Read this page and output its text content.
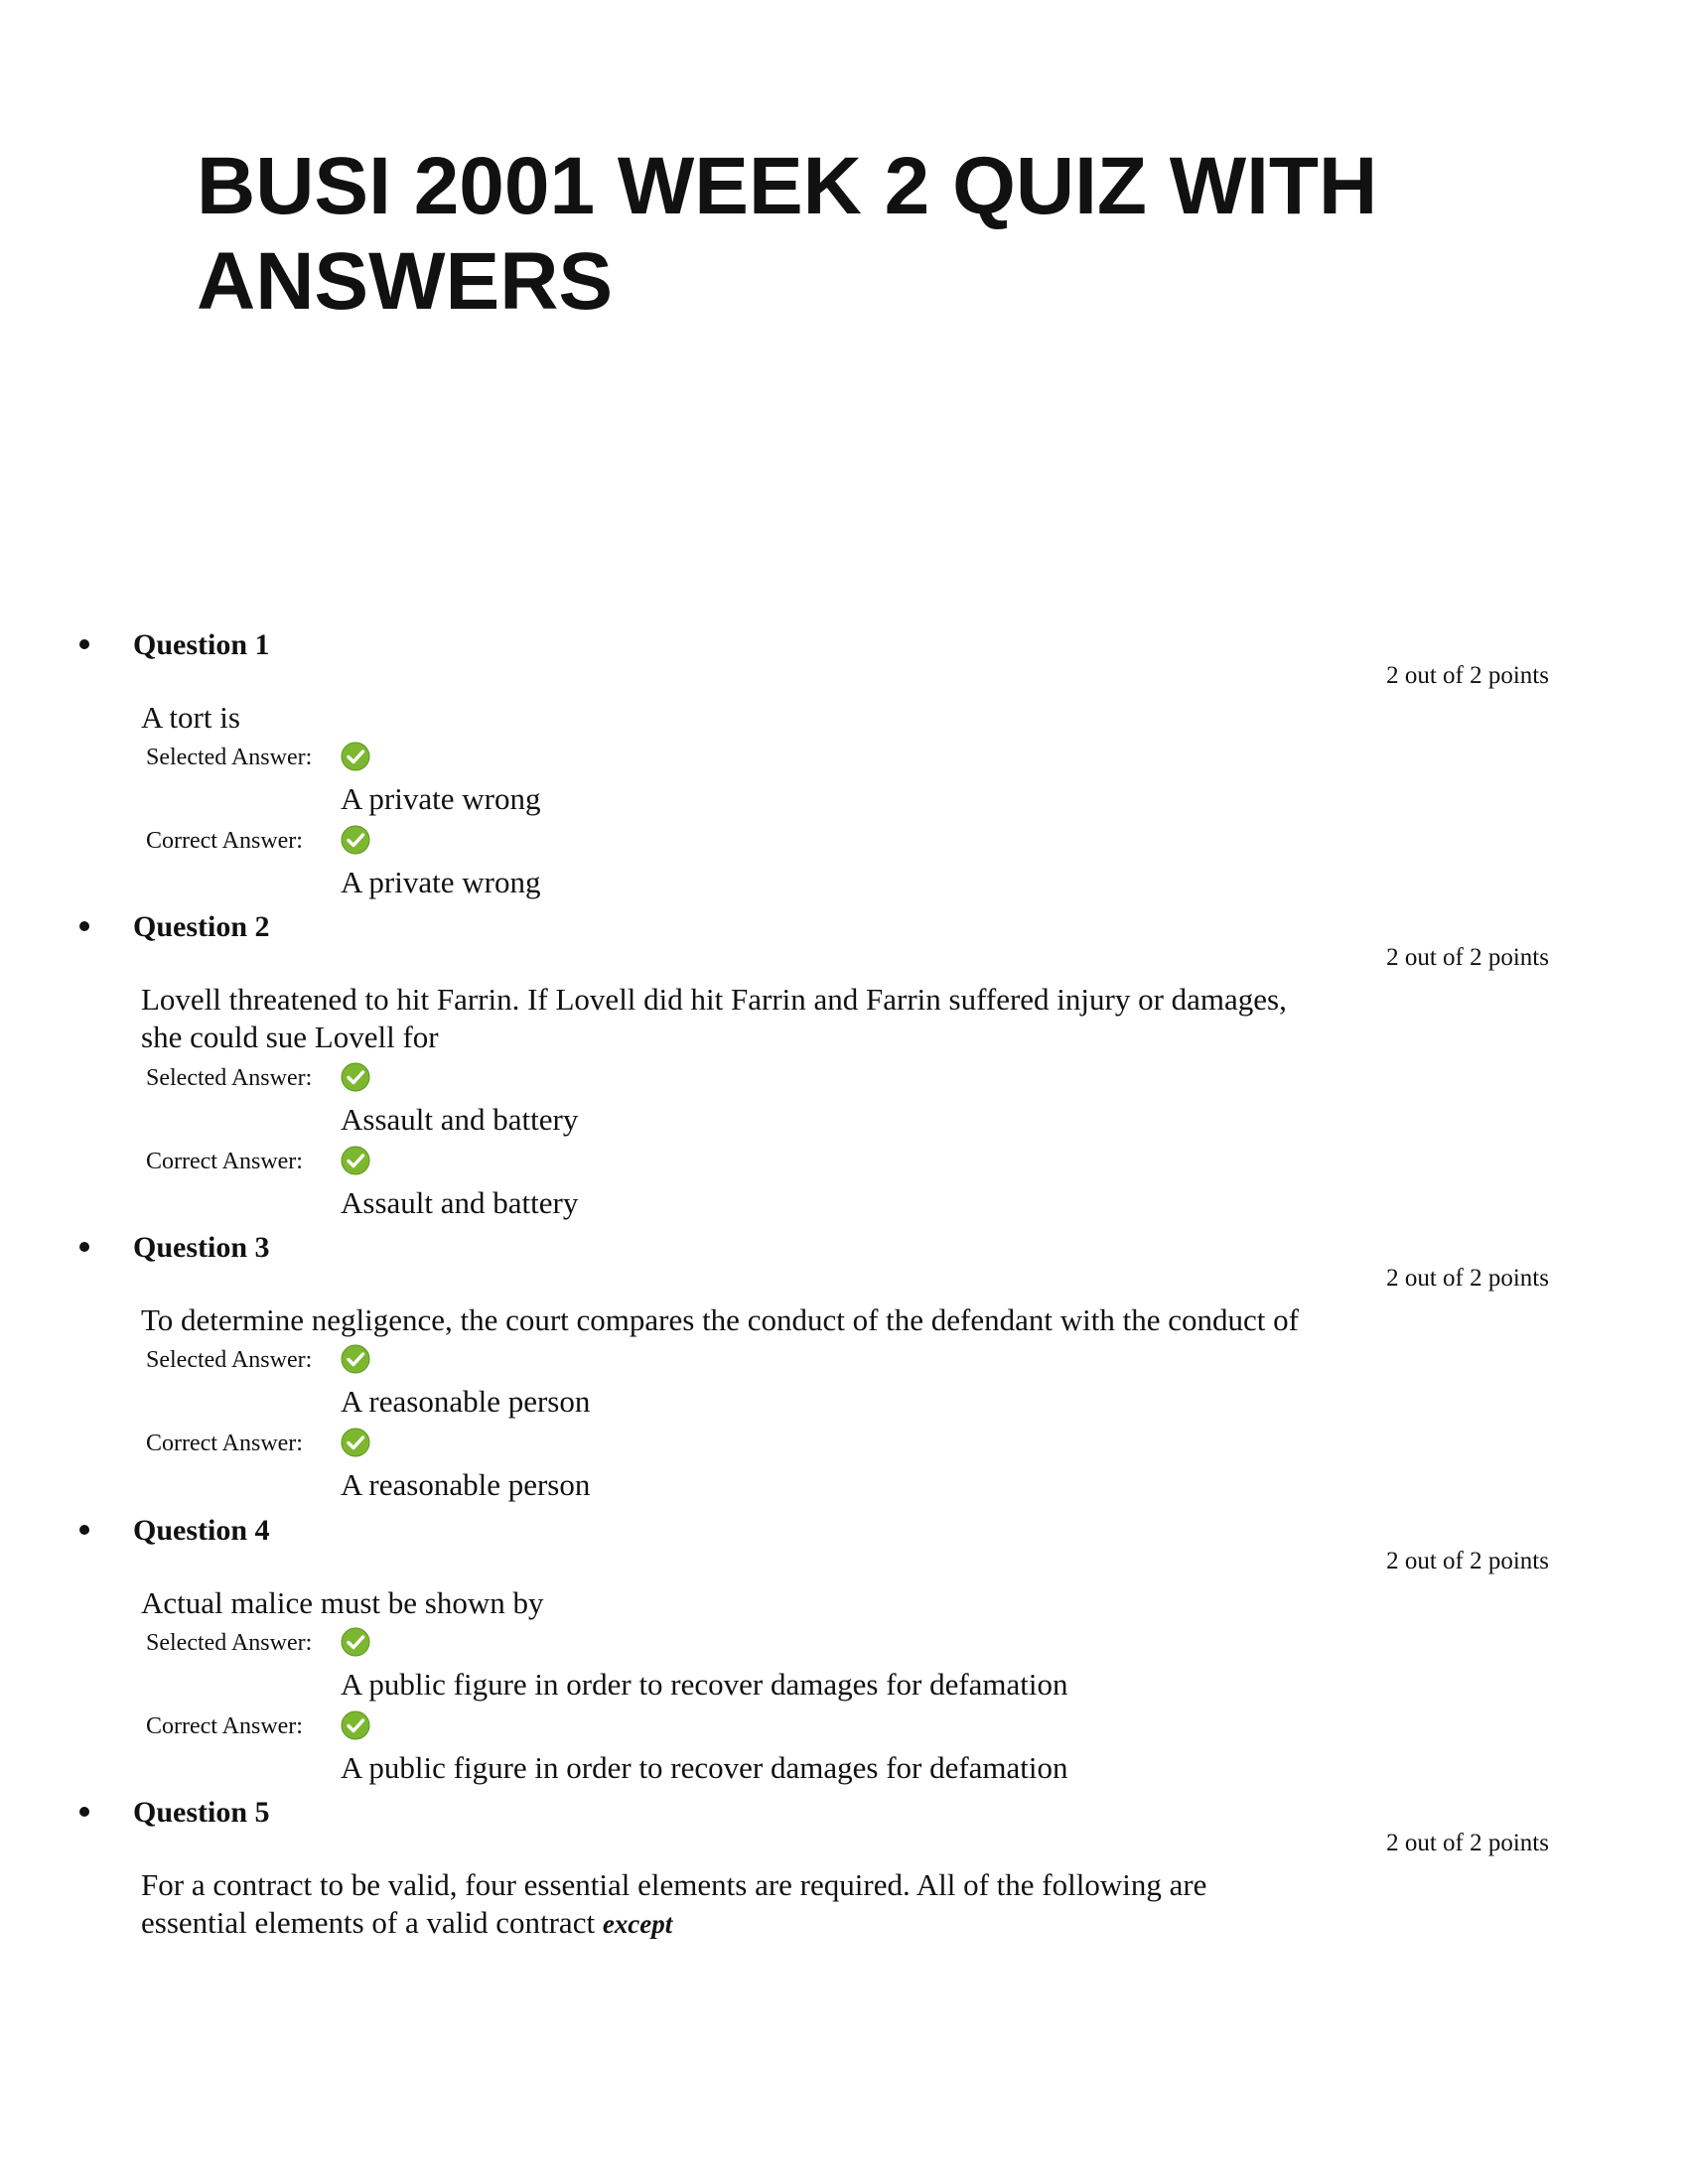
BUSI 2001 WEEK 2 QUIZ WITH ANSWERS
Question 1
2 out of 2 points
A tort is
Selected Answer:
A private wrong
Correct Answer:
A private wrong
Question 2
2 out of 2 points
Lovell threatened to hit Farrin. If Lovell did hit Farrin and Farrin suffered injury or damages,
she could sue Lovell for
Selected Answer:
Assault and battery
Correct Answer:
Assault and battery
Question 3
2 out of 2 points
To determine negligence, the court compares the conduct of the defendant with the conduct of
Selected Answer:
A reasonable person
Correct Answer:
A reasonable person
Question 4
2 out of 2 points
Actual malice must be shown by
Selected Answer:
A public figure in order to recover damages for defamation
Correct Answer:
A public figure in order to recover damages for defamation
Question 5
2 out of 2 points
For a contract to be valid, four essential elements are required. All of the following are
essential elements of a valid contract except
